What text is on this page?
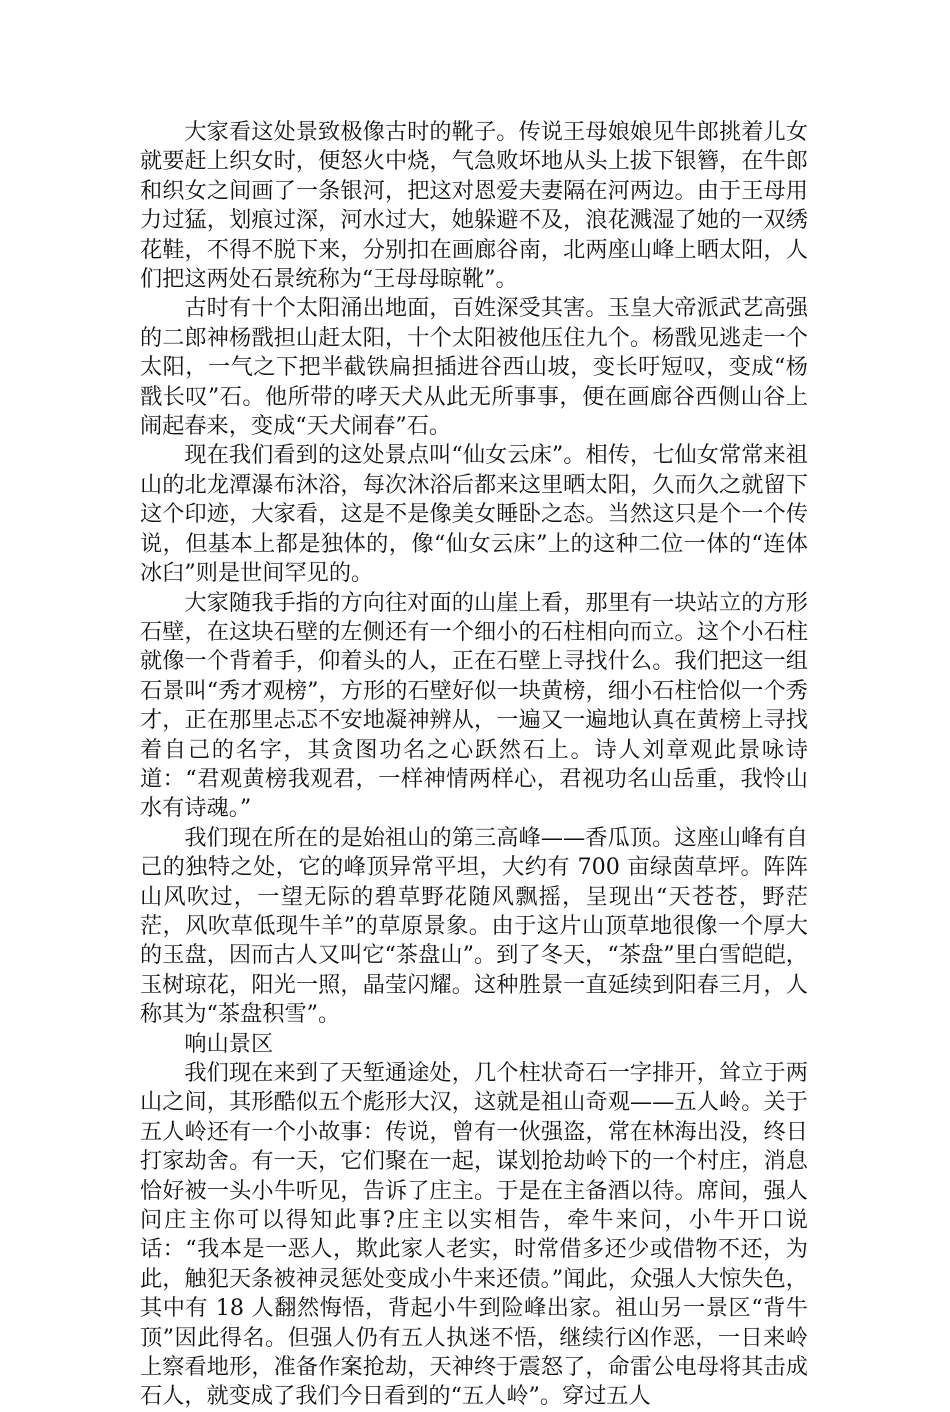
大家看这处景致极像古时的靴子。传说王母娘娘见牛郎挑着儿女就要赶上织女时，便怒火中烧，气急败坏地从头上拔下银簪，在牛郎和织女之间画了一条银河，把这对恩爱夫妻隔在河两边。由于王母用力过猛，划痕过深，河水过大，她躲避不及，浪花溅湿了她的一双绣花鞋，不得不脱下来，分别扣在画廊谷南，北两座山峰上晒太阳，人们把这两处石景统称为“王母母晾靴”。

古时有十个太阳涌出地面，百姓深受其害。玉皇大帝派武艺高强的二郎神杨戬担山赶太阳，十个太阳被他压住九个。杨戬见逃走一个太阳，一气之下把半截铁扁担插进谷西山坡，变长吁短叹，变成“杨戬长叹”石。他所带的哮天犬从此无所事事，便在画廊谷西侧山谷上闹起春来，变成“天犬闹春”石。

现在我们看到的这处景点叫“仙女云床”。相传，七仙女常常来祖山的北龙潭瀑布沐浴，每次沐浴后都来这里晒太阳，久而久之就留下这个印迹，大家看，这是不是像美女睡卧之态。当然这只是个一个传说，但基本上都是独体的，像“仙女云床”上的这种二位一体的“连体冰臼”则是世间罕见的。

大家随我手指的方向往对面的山崖上看，那里有一块站立的方形石壁，在这块石壁的左侧还有一个细小的石柱相向而立。这个小石柱就像一个背着手，仰着头的人，正在石壁上寻找什么。我们把这一组石景叫“秀才观榜”，方形的石壁好似一块黄榜，细小石柱恰似一个秀才，正在那里忐忑不安地凝神辨从，一遍又一遍地认真在黄榜上寻找着自己的名字，其贪图功名之心跃然石上。诗人刘章观此景咏诗道：“君观黄榜我观君，一样神情两样心，君视功名山岳重，我怜山水有诗魂。”

我们现在所在的是始祖山的第三高峰——香瓜顶。这座山峰有自己的独特之处，它的峰顶异常平坦，大约有 700 亩绿茵草坪。阵阵山风吹过，一望无际的碧草野花随风飘摇，呈现出“天苍苍，野茫茫，风吹草低现牛羊”的草原景象。由于这片山顶草地很像一个厚大的玉盘，因而古人又叫它“茶盘山”。到了冬天，“茶盘”里白雪皑皑，玉树琼花，阳光一照，晶莹闪耀。这种胜景一直延续到阳春三月，人称其为“茶盘积雪”。

响山景区

我们现在来到了天堑通途处，几个柱状奇石一字排开，耸立于两山之间，其形酷似五个彪形大汉，这就是祖山奇观——五人岭。关于五人岭还有一个小故事：传说，曾有一伙强盗，常在林海出没，终日打家劫舍。有一天，它们聚在一起，谋划抢劫岭下的一个村庄，消息恰好被一头小牛听见，告诉了庄主。于是在主备酒以待。席间，强人问庄主你可以得知此事?庄主以实相告，牵牛来问，小牛开口说话：“我本是一恶人，欺此家人老实，时常借多还少或借物不还，为此，触犯天条被神灵惩处变成小牛来还债。”闻此，众强人大惊失色，其中有 18 人翻然悔悟，背起小牛到险峰出家。祖山另一景区“背牛顶”因此得名。但强人仍有五人执迷不悟，继续行凶作恶，一日来岭上察看地形，准备作案抢劫，天神终于震怒了，命雷公电母将其击成石人，就变成了我们今日看到的“五人岭”。穿过五人
